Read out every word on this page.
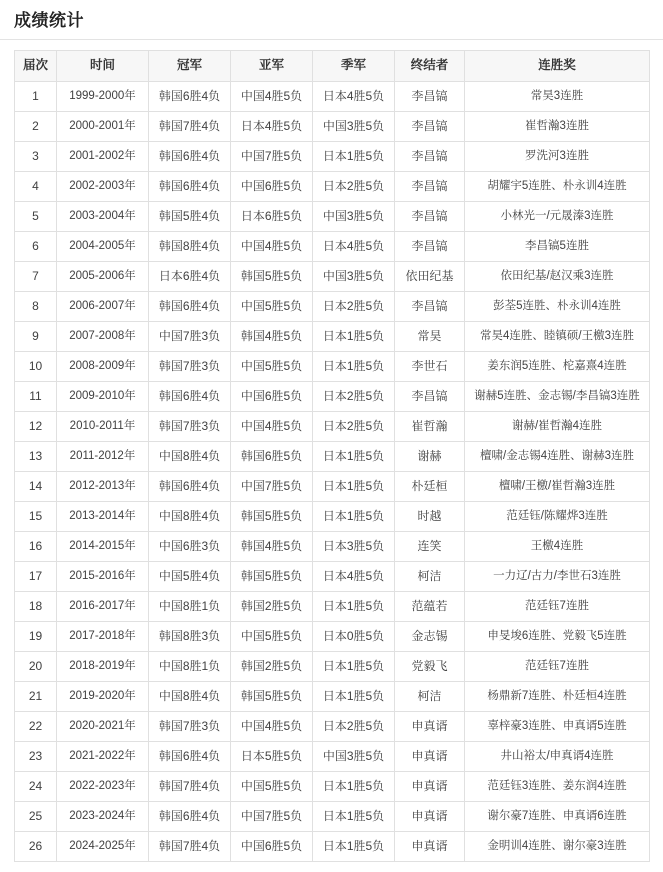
成绩统计
届次	时间	冠军	亚军	季军	终结者	连胜奖
1	1999-2000年	韩国6胜4负	中国4胜5负	日本4胜5负	李昌镐	常昊3连胜
2	2000-2001年	韩国7胜4负	日本4胜5负	中国3胜5负	李昌镐	崔哲瀚3连胜
3	2001-2002年	韩国6胜4负	中国7胜5负	日本1胜5负	李昌镐	罗洗河3连胜
4	2002-2003年	韩国6胜4负	中国6胜5负	日本2胜5负	李昌镐	胡耀宇5连胜、朴永训4连胜
5	2003-2004年	韩国5胜4负	日本6胜5负	中国3胜5负	李昌镐	小林光一/元晟溱3连胜
6	2004-2005年	韩国8胜4负	中国4胜5负	日本4胜5负	李昌镐	李昌镐5连胜
7	2005-2006年	日本6胜4负	韩国5胜5负	中国3胜5负	依田纪基	依田纪基/赵汉乘3连胜
8	2006-2007年	韩国6胜4负	中国5胜5负	日本2胜5负	李昌镐	彭荃5连胜、朴永训4连胜
9	2007-2008年	中国7胜3负	韩国4胜5负	日本1胜5负	常昊	常昊4连胜、睦镇硕/王檄3连胜
10	2008-2009年	韩国7胜3负	中国5胜5负	日本1胜5负	李世石	姜东润5连胜、柁嘉熹4连胜
11	2009-2010年	韩国6胜4负	中国6胜5负	日本2胜5负	李昌镐	谢赫5连胜、金志锡/李昌镐3连胜
12	2010-2011年	韩国7胜3负	中国4胜5负	日本2胜5负	崔哲瀚	谢赫/崔哲瀚4连胜
13	2011-2012年	中国8胜4负	韩国6胜5负	日本1胜5负	谢赫	檀啸/金志锡4连胜、谢赫3连胜
14	2012-2013年	韩国6胜4负	中国7胜5负	日本1胜5负	朴廷桓	檀啸/王檄/崔哲瀚3连胜
15	2013-2014年	中国8胜4负	韩国5胜5负	日本1胜5负	时越	范廷钰/陈耀烨3连胜
16	2014-2015年	中国6胜3负	韩国4胜5负	日本3胜5负	连笑	王檄4连胜
17	2015-2016年	中国5胜4负	韩国5胜5负	日本4胜5负	柯洁	一力辽/古力/李世石3连胜
18	2016-2017年	中国8胜1负	韩国2胜5负	日本1胜5负	范蕴若	范廷钰7连胜
19	2017-2018年	韩国8胜3负	中国5胜5负	日本0胜5负	金志锡	申旻埈6连胜、党毅飞5连胜
20	2018-2019年	中国8胜1负	韩国2胜5负	日本1胜5负	党毅飞	范廷钰7连胜
21	2019-2020年	中国8胜4负	韩国5胜5负	日本1胜5负	柯洁	杨鼎新7连胜、朴廷桓4连胜
22	2020-2021年	韩国7胜3负	中国4胜5负	日本2胜5负	申真谞	辜梓豪3连胜、申真谞5连胜
23	2021-2022年	韩国6胜4负	日本5胜5负	中国3胜5负	申真谞	井山裕太/申真谞4连胜
24	2022-2023年	韩国7胜4负	中国5胜5负	日本1胜5负	申真谞	范廷钰3连胜、姜东润4连胜
25	2023-2024年	韩国6胜4负	中国7胜5负	日本1胜5负	申真谞	谢尔豪7连胜、申真谞6连胜
26	2024-2025年	韩国7胜4负	中国6胜5负	日本1胜5负	申真谞	金明训4连胜、谢尔豪3连胜
